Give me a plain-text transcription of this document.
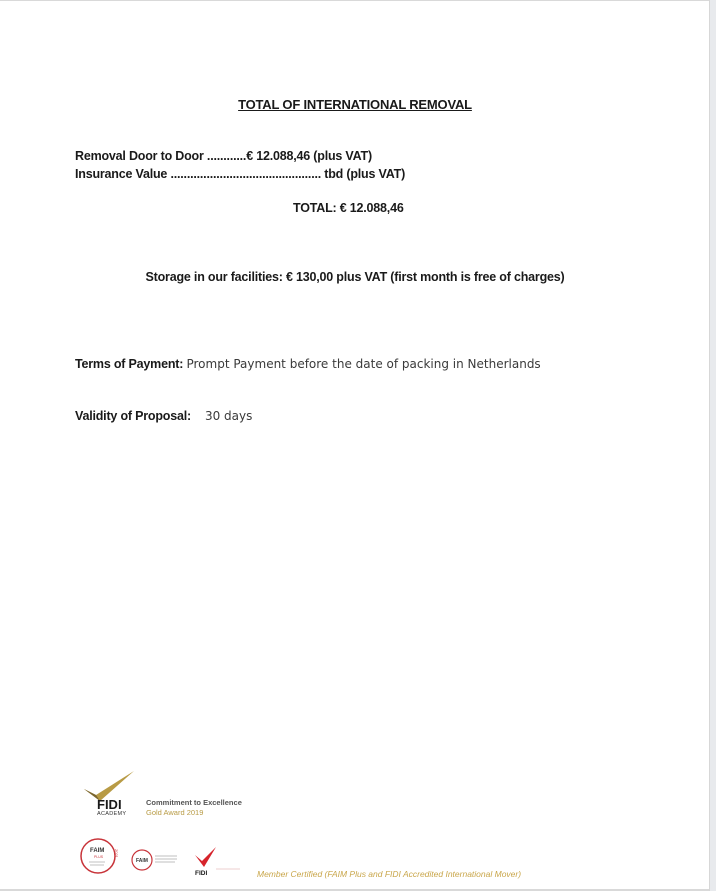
TOTAL OF INTERNATIONAL REMOVAL
Removal Door to Door ............€ 12.088,46 (plus VAT)
Insurance Value .............................................. tbd (plus VAT)
TOTAL: € 12.088,46
Storage in our facilities: € 130,00 plus VAT (first month is free of charges)
Terms of Payment: Prompt Payment before the date of packing in Netherlands
Validity of Proposal: 30 days
FIDI
ACADEMY
Commitment to Excellence
Gold Award 2019
FAIM
PLUS	2021
FAIM
FIDI	Member Certified (FAIM Plus and FIDI Accredited International Mover)
